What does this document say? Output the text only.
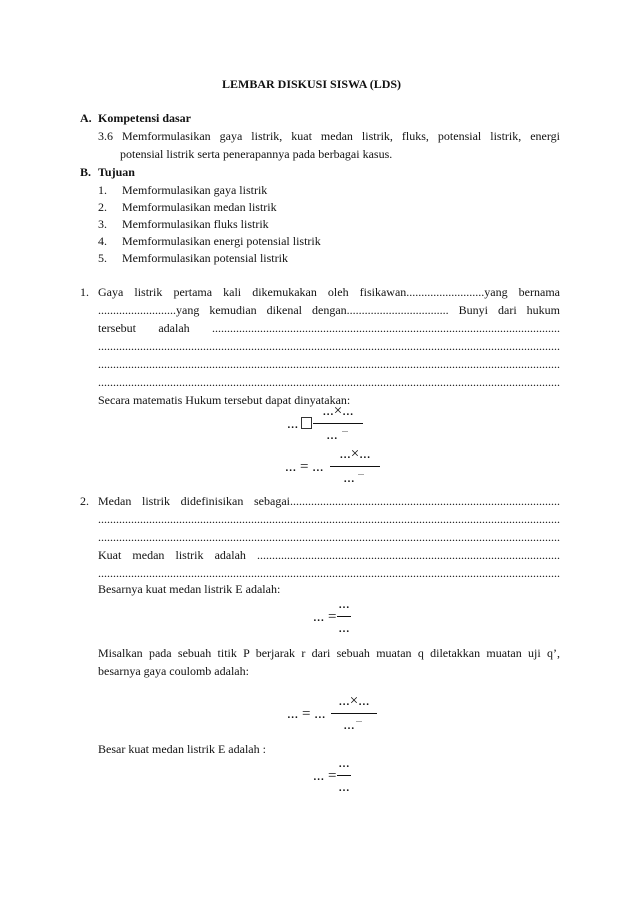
LEMBAR DISKUSI SISWA (LDS)
A. Kompetensi dasar
3.6 Memformulasikan gaya listrik, kuat medan listrik, fluks, potensial listrik, energi
potensial listrik serta penerapannya pada berbagai kasus.
B. Tujuan
1. Memformulasikan gaya listrik
2. Memformulasikan medan listrik
3. Memformulasikan fluks listrik
4. Memformulasikan energi potensial listrik
5. Memformulasikan potensial listrik
1. Gaya listrik pertama kali dikemukakan oleh fisikawan..........................yang bernama
..........................yang kemudian dikenal dengan.................................. Bunyi dari hukum
tersebut adalah ....................................................................................................................
..........................................................................................................................................................
..........................................................................................................................................................
..........................................................................................................................................................
Secara matematis Hukum tersebut dapat dinyatakan:
...
...×...
...
...
... = ...
...×...
...
...
2. Medan listrik didefinisikan sebagai..........................................................................................
..........................................................................................................................................................
..........................................................................................................................................................
Kuat medan listrik adalah .....................................................................................................
..........................................................................................................................................................
Besarnya kuat medan listrik E adalah:
... =
...
...
Misalkan pada sebuah titik P berjarak r dari sebuah muatan q diletakkan muatan uji q’,
besarnya gaya coulomb adalah:
... = ...
...×...
...
...
Besar kuat medan listrik E adalah :
... =
...
...
